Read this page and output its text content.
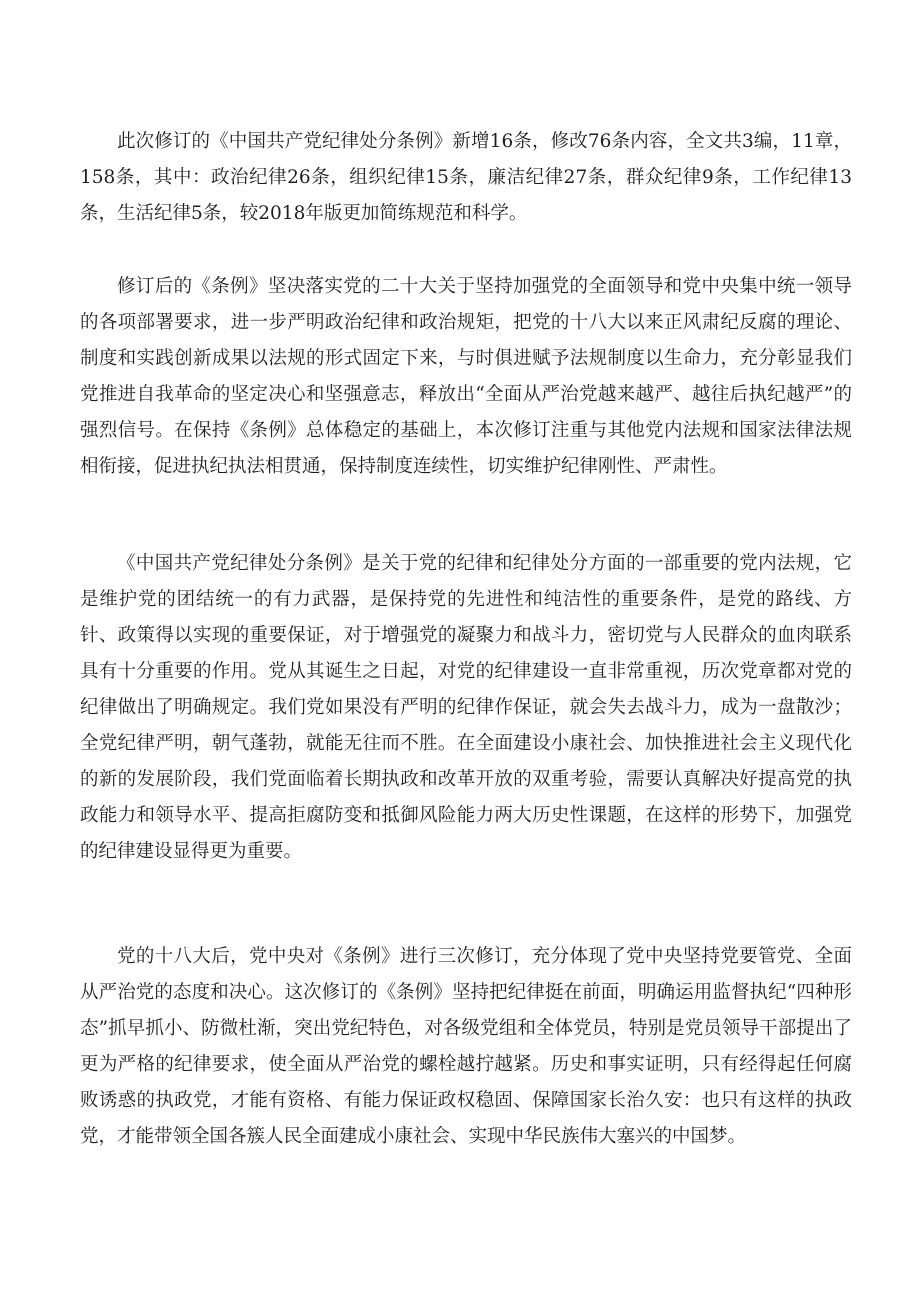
此次修订的《中国共产党纪律处分条例》新增16条，修改76条内容，全文共3编，11章，158条，其中：政治纪律26条，组织纪律15条，廉洁纪律27条，群众纪律9条，工作纪律13条，生活纪律5条，较2018年版更加简练规范和科学。

修订后的《条例》坚决落实党的二十大关于坚持加强党的全面领导和党中央集中统一领导的各项部署要求，进一步严明政治纪律和政治规矩，把党的十八大以来正风肃纪反腐的理论、制度和实践创新成果以法规的形式固定下来，与时俱进赋予法规制度以生命力，充分彰显我们党推进自我革命的坚定决心和坚强意志，释放出“全面从严治党越来越严、越往后执纪越严”的强烈信号。在保持《条例》总体稳定的基础上，本次修订注重与其他党内法规和国家法律法规相衔接，促进执纪执法相贯通，保持制度连续性，切实维护纪律刚性、严肃性。

《中国共产党纪律处分条例》是关于党的纪律和纪律处分方面的一部重要的党内法规，它是维护党的团结统一的有力武器，是保持党的先进性和纯洁性的重要条件，是党的路线、方针、政策得以实现的重要保证，对于增强党的凝聚力和战斗力，密切党与人民群众的血肉联系具有十分重要的作用。党从其诞生之日起，对党的纪律建设一直非常重视，历次党章都对党的纪律做出了明确规定。我们党如果没有严明的纪律作保证，就会失去战斗力，成为一盘散沙；全党纪律严明，朝气蓬勃，就能无往而不胜。在全面建设小康社会、加快推进社会主义现代化的新的发展阶段，我们党面临着长期执政和改革开放的双重考验，需要认真解决好提高党的执政能力和领导水平、提高拒腐防变和抵御风险能力两大历史性课题，在这样的形势下，加强党的纪律建设显得更为重要。

党的十八大后，党中央对《条例》进行三次修订，充分体现了党中央坚持党要管党、全面从严治党的态度和决心。这次修订的《条例》坚持把纪律挺在前面，明确运用监督执纪“四种形态”抓早抓小、防微杜渐，突出党纪特色，对各级党组和全体党员，特别是党员领导干部提出了更为严格的纪律要求，使全面从严治党的螺栓越拧越紧。历史和事实证明，只有经得起任何腐败诱惑的执政党，才能有资格、有能力保证政权稳固、保障国家长治久安：也只有这样的执政党，才能带领全国各簇人民全面建成小康社会、实现中华民族伟大塞兴的中国梦。
